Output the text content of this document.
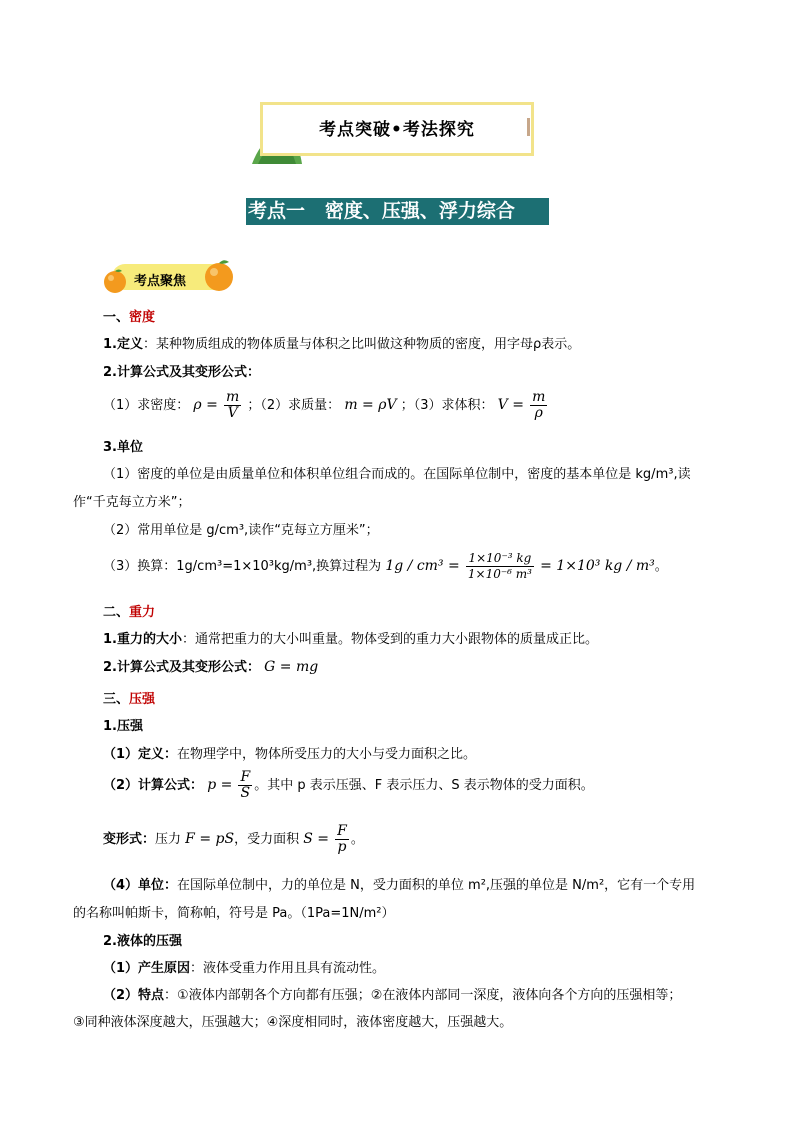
考点突破•考法探究
考点一   密度、压强、浮力综合
考点聚焦
一、密度
1.定义：某种物质组成的物体质量与体积之比叫做这种物质的密度，用字母ρ表示。
2.计算公式及其变形公式：
（1）求密度： $\rho = \frac{m}{V}$ ；（2）求质量： m = ρV ；（3）求体积： $V = \frac{m}{\rho}$
3.单位
（1）密度的单位是由质量单位和体积单位组合而成的。在国际单位制中，密度的基本单位是 kg/m³,读
作“千克每立方米”；
（2）常用单位是 g/cm³,读作“克每立方厘米”；
（3）换算：1g/cm³=1×10³kg/m³,换算过程为 $1g / cm^3 = \frac{\text{1×10⁻³ kg}}{\text{1×10⁻⁶ m³}} = 1\times 10^3$ kg / m³。
二、重力
1.重力的大小：通常把重力的大小叫重量。物体受到的重力大小跟物体的质量成正比。
2.计算公式及其变形公式： G = mg
三、压强
1.压强
（1）定义：在物理学中，物体所受压力的大小与受力面积之比。
（2）计算公式： $p = \frac{F}{S}$ 。其中 p 表示压强、F 表示压力、S 表示物体的受力面积。
变形式：压力 F = pS，受力面积 $S = \frac{F}{p}$ 。
（4）单位：在国际单位制中，力的单位是 N，受力面积的单位 m²,压强的单位是 N/m²，它有一个专用
的名称叫帕斯卡，简称帕，符号是 Pa。（1Pa=1N/m²）
2.液体的压强
（1）产生原因：液体受重力作用且具有流动性。
（2）特点：①液体内部朝各个方向都有压强；②在液体内部同一深度，液体向各个方向的压强相等；
③同种液体深度越大，压强越大；④深度相同时，液体密度越大，压强越大。
